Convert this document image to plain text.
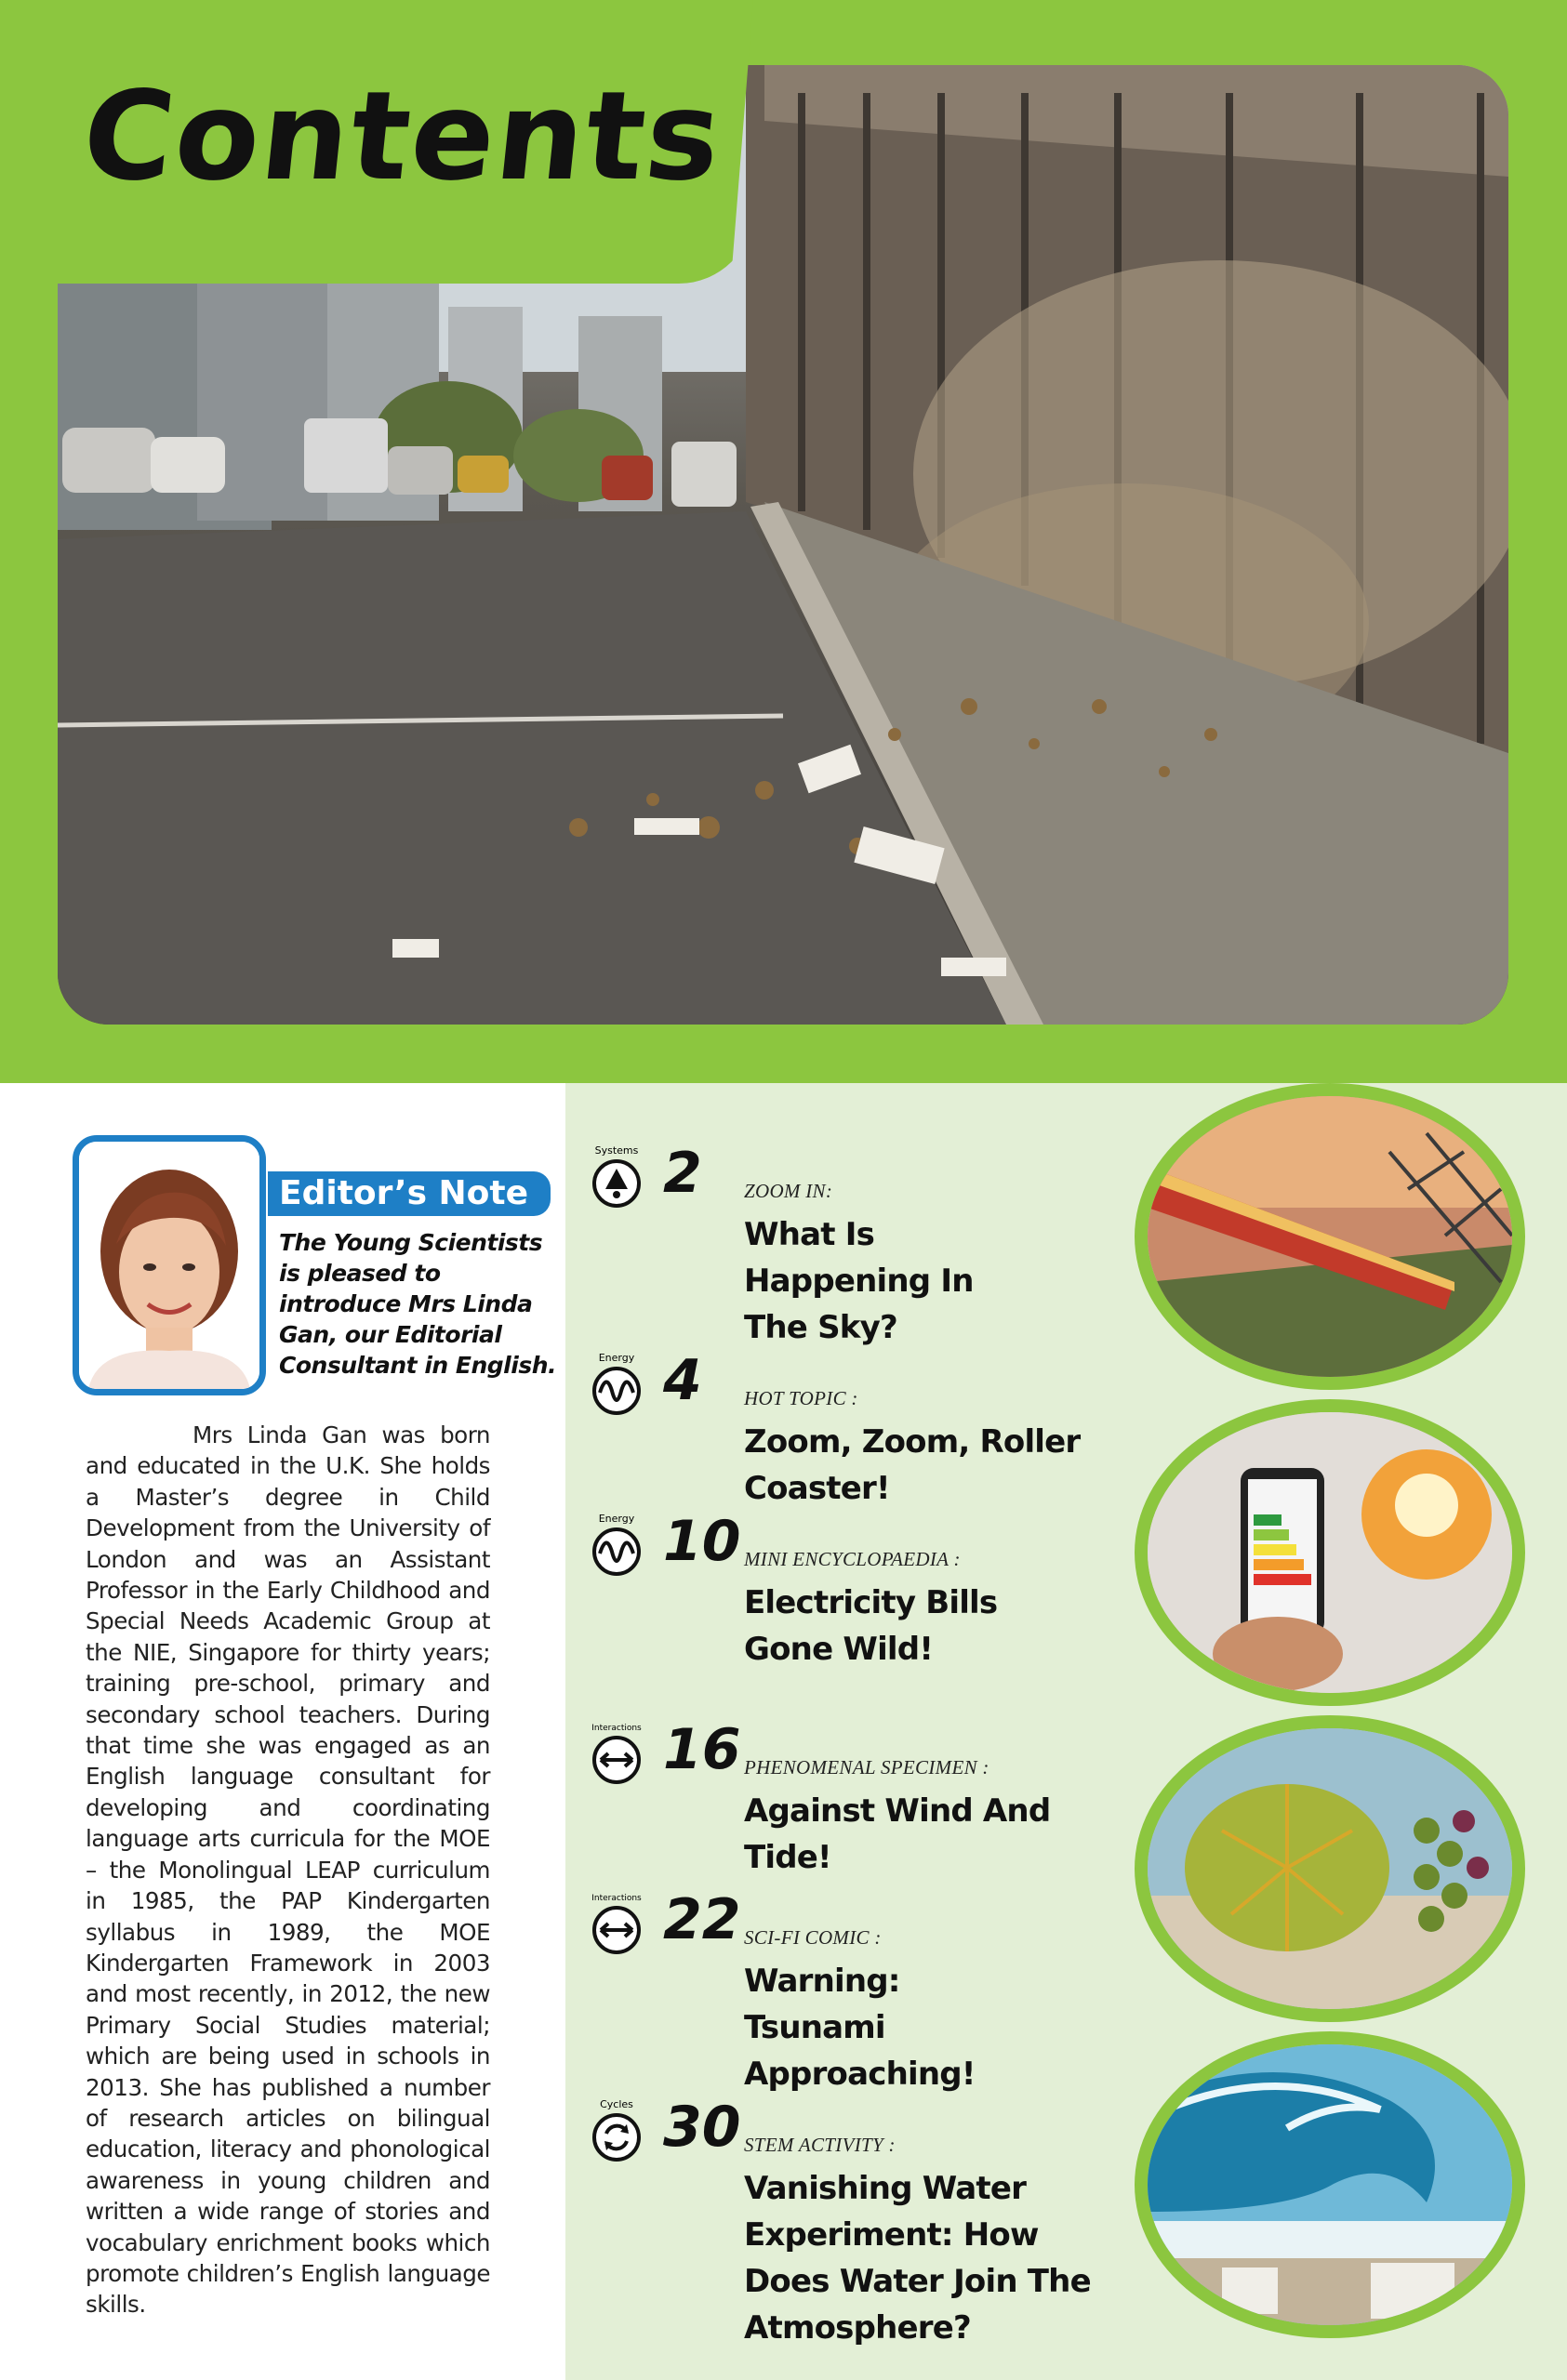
Contents
Editor’s Note

The Young Scientists is pleased to introduce Mrs Linda Gan, our Editorial Consultant in English.

Mrs Linda Gan was born and educated in the U.K. She holds a Master’s degree in Child Development from the University of London and was an Assistant Professor in the Early Childhood and Special Needs Academic Group at the NIE, Singapore for thirty years; training pre-school, primary and secondary school teachers. During that time she was engaged as an English language consultant for developing and coordinating language arts curricula for the MOE – the Monolingual LEAP curriculum in 1985, the PAP Kindergarten syllabus in 1989, the MOE Kindergarten Framework in 2003 and most recently, in 2012, the new Primary Social Studies material; which are being used in schools in 2013. She has published a number of research articles on bilingual education, literacy and phonological awareness in young children and written a wide range of stories and vocabulary enrichment books which promote children’s English language skills.

Systems 2 ZOOM IN:
What Is Happening In The Sky?
Energy 4 HOT TOPIC :
Zoom, Zoom, Roller Coaster!
Energy 10 MINI ENCYCLOPAEDIA :
Electricity Bills Gone Wild!
Interactions 16 PHENOMENAL SPECIMEN :
Against Wind And Tide!
Interactions 22 SCI-FI COMIC :
Warning: Tsunami Approaching!
Cycles 30 STEM ACTIVITY :
Vanishing Water Experiment: How Does Water Join The Atmosphere?
